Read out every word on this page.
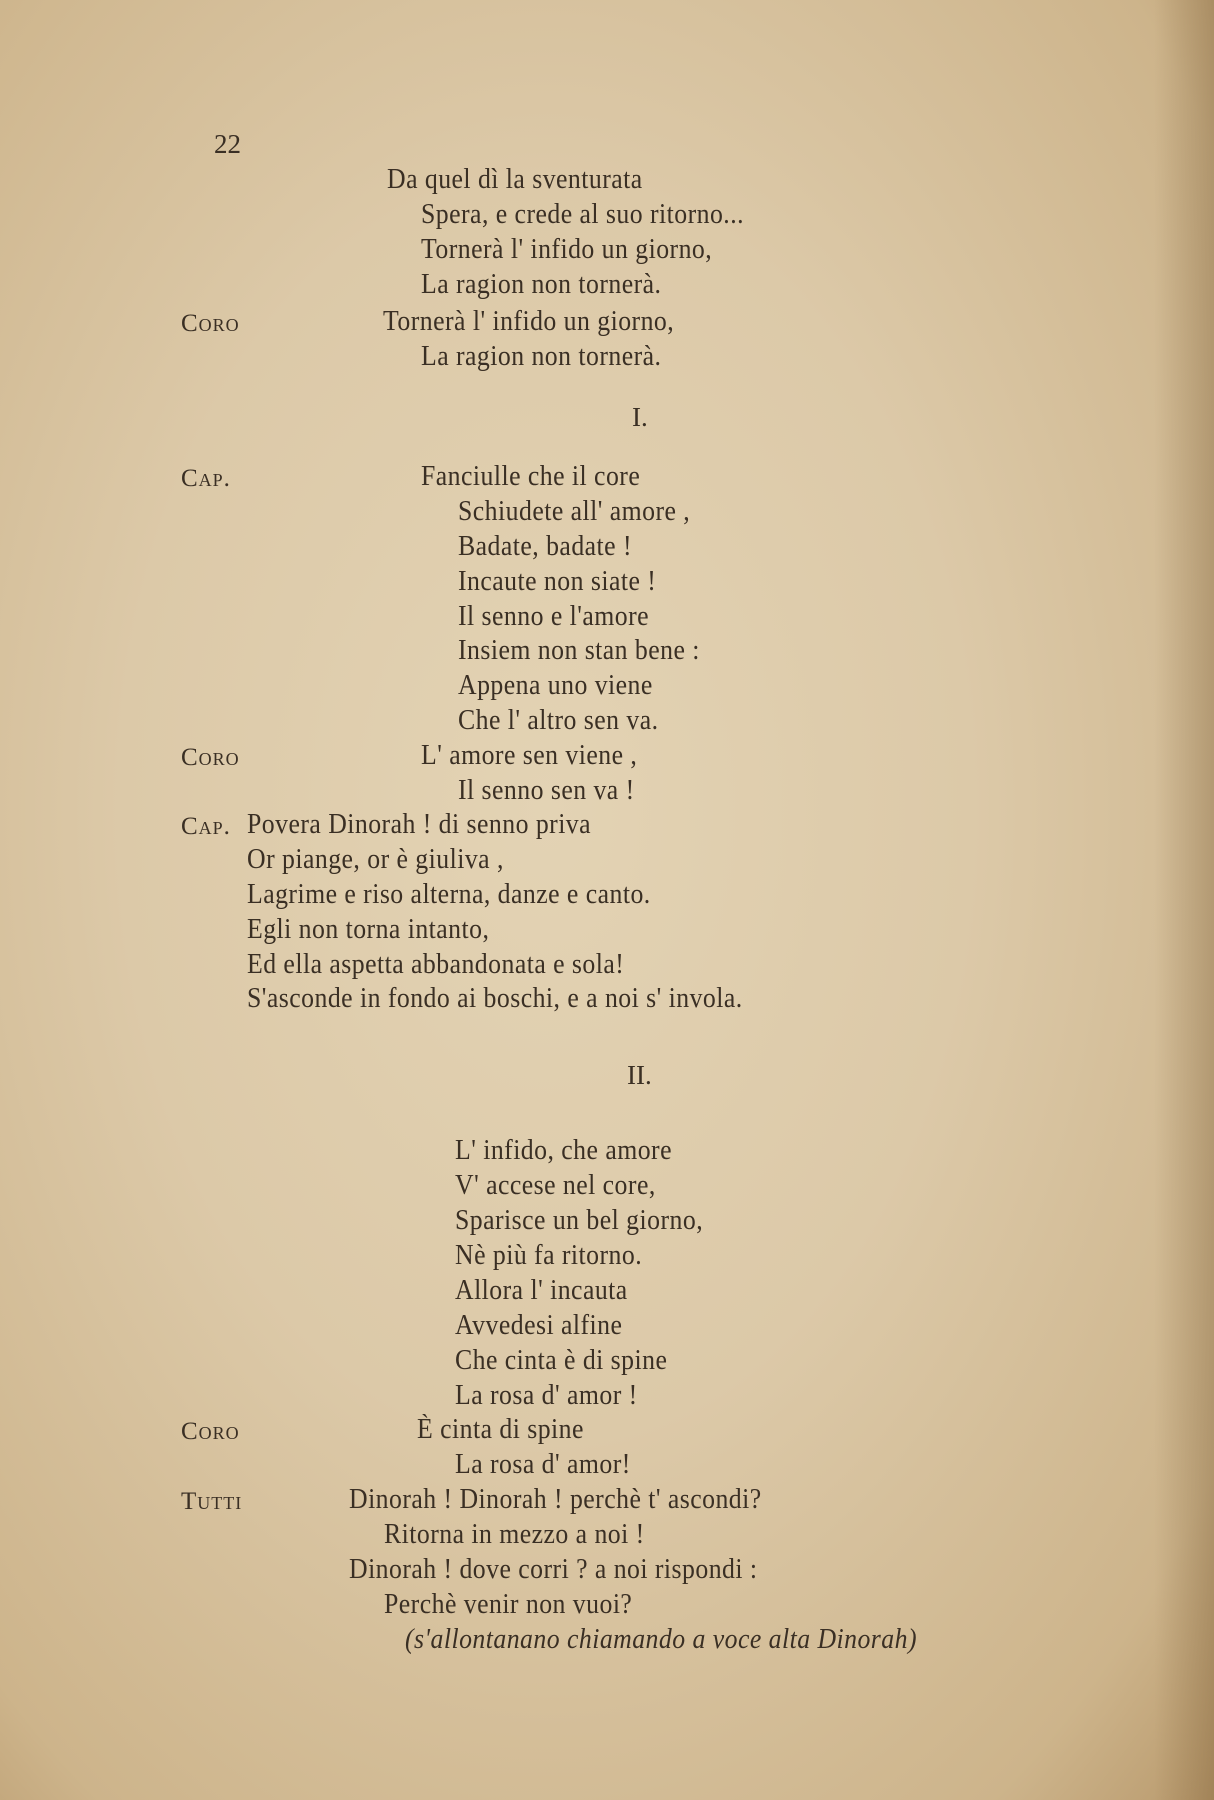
22
Da quel dì la sventurata
Spera, e crede al suo ritorno...
Tornerà l' infido un giorno,
La ragion non tornerà.
Coro	Tornerà l' infido un giorno,
La ragion non tornerà.
I.
Cap.	Fanciulle che il core
Schiudete all' amore ,
Badate, badate !
Incaute non siate !
Il senno e l'amore
Insiem non stan bene :
Appena uno viene
Che l' altro sen va.
Coro	L' amore sen viene ,
Il senno sen va !
Cap. Povera Dinorah ! di senno priva
Or piange, or è giuliva ,
Lagrime e riso alterna, danze e canto.
Egli non torna intanto,
Ed ella aspetta abbandonata e sola!
S'asconde in fondo ai boschi, e a noi s' invola.
II.
L' infido, che amore
V' accese nel core,
Sparisce un bel giorno,
Nè più fa ritorno.
Allora l' incauta
Avvedesi alfine
Che cinta è di spine
La rosa d' amor !
Coro	È cinta di spine
La rosa d' amor!
Tutti	Dinorah ! Dinorah ! perchè t' ascondi?
Ritorna in mezzo a noi !
Dinorah ! dove corri ? a noi rispondi :
Perchè venir non vuoi?
(s'allontanano chiamando a voce alta Dinorah)
